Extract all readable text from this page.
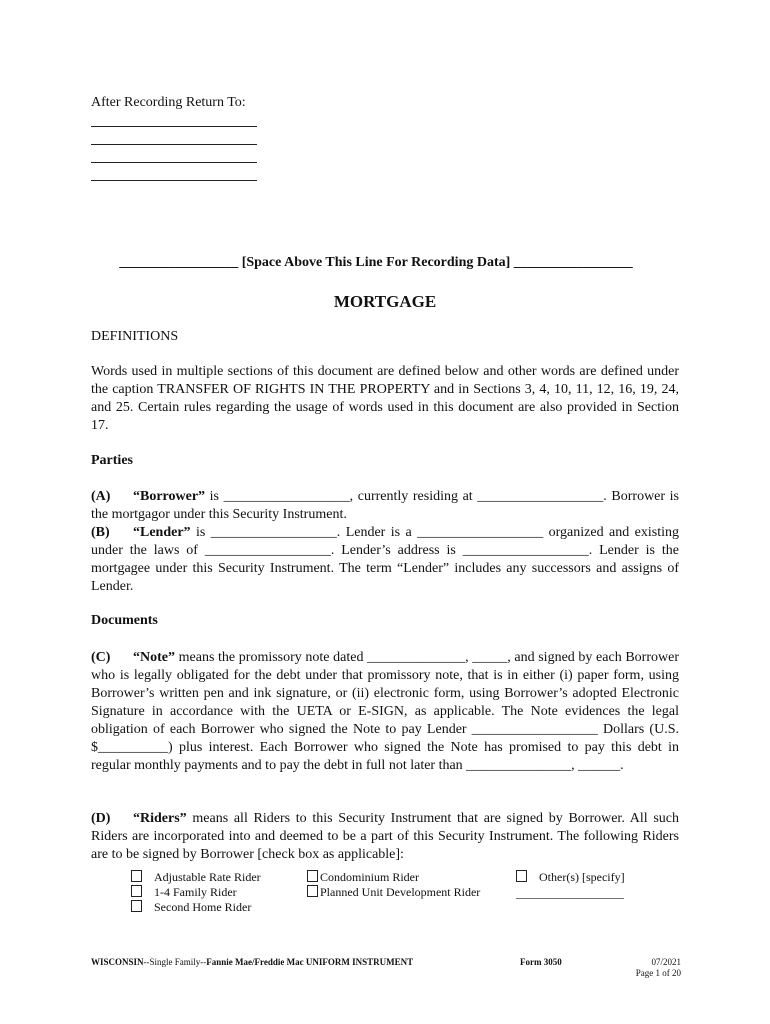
After Recording Return To:
_________________ [Space Above This Line For Recording Data] _________________
MORTGAGE
DEFINITIONS

Words used in multiple sections of this document are defined below and other words are defined under the caption TRANSFER OF RIGHTS IN THE PROPERTY and in Sections 3, 4, 10, 11, 12, 16, 19, 24, and 25. Certain rules regarding the usage of words used in this document are also provided in Section 17.

Parties

(A) “Borrower” is __________________, currently residing at __________________. Borrower is the mortgagor under this Security Instrument.

(B) “Lender” is __________________. Lender is a __________________ organized and existing under the laws of __________________. Lender’s address is __________________. Lender is the mortgagee under this Security Instrument. The term “Lender” includes any successors and assigns of Lender.

Documents

(C) “Note” means the promissory note dated ______________, _____, and signed by each Borrower who is legally obligated for the debt under that promissory note, that is in either (i) paper form, using Borrower’s written pen and ink signature, or (ii) electronic form, using Borrower’s adopted Electronic Signature in accordance with the UETA or E-SIGN, as applicable. The Note evidences the legal obligation of each Borrower who signed the Note to pay Lender __________________ Dollars (U.S. $__________) plus interest. Each Borrower who signed the Note has promised to pay this debt in regular monthly payments and to pay the debt in full not later than _______________, ______.

(D) “Riders” means all Riders to this Security Instrument that are signed by Borrower. All such Riders are incorporated into and deemed to be a part of this Security Instrument. The following Riders are to be signed by Borrower [check box as applicable]:

Adjustable Rate Rider
1-4 Family Rider
Second Home Rider
Condominium Rider
Planned Unit Development Rider
Other(s) [specify]
__________________
WISCONSIN--Single Family--Fannie Mae/Freddie Mac UNIFORM INSTRUMENT	Form 3050	07/2021
Page 1 of 20
